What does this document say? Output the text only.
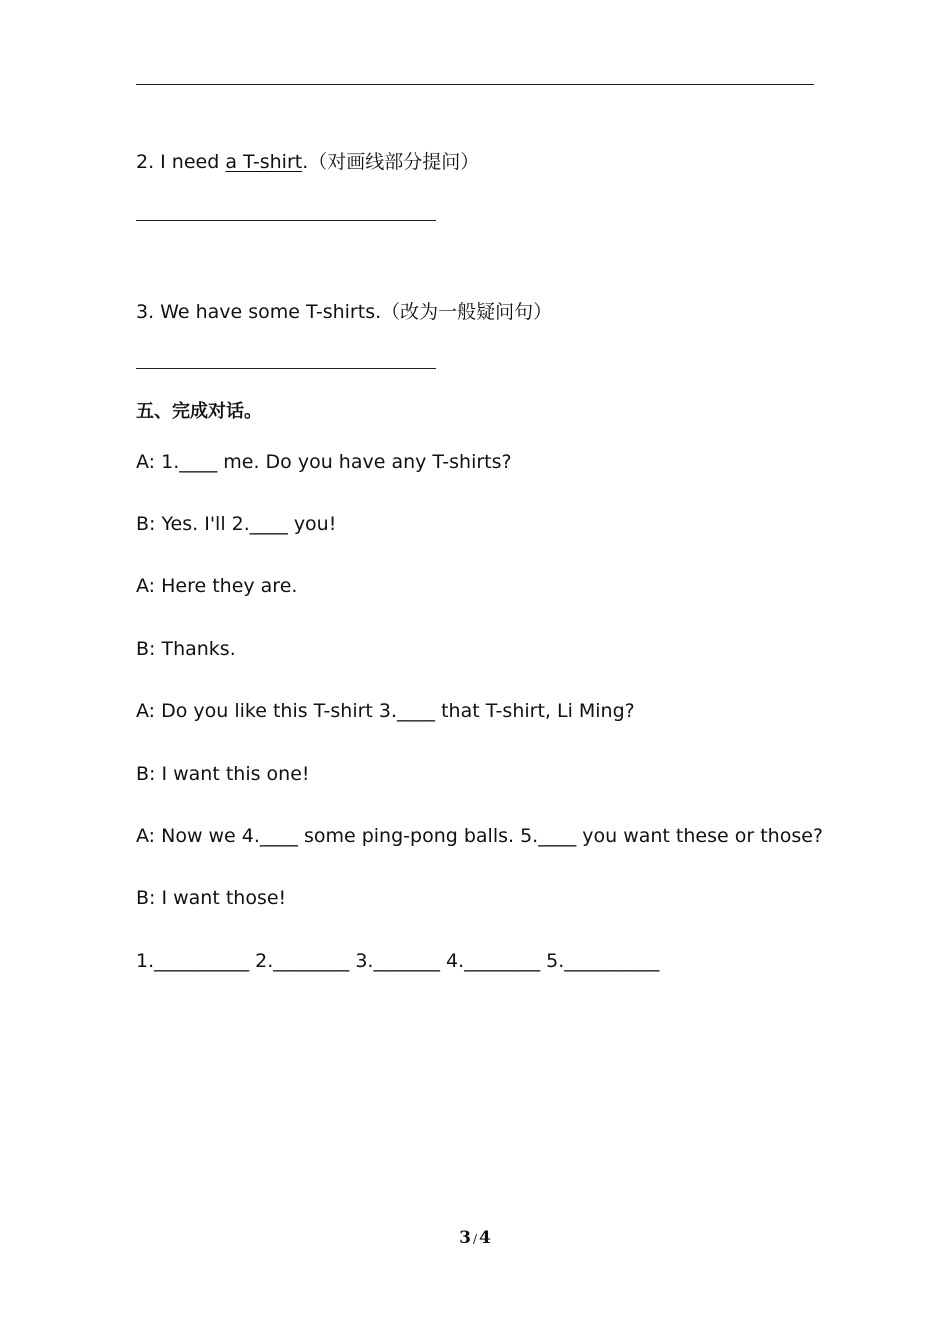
2. I need a T-shirt.（对画线部分提问）
3. We have some T-shirts.（改为一般疑问句）
五、完成对话。
A: 1.____ me. Do you have any T-shirts?
B: Yes. I'll 2.____ you!
A: Here they are.
B: Thanks.
A: Do you like this T-shirt 3.____ that T-shirt, Li Ming?
B: I want this one!
A: Now we 4.____ some ping-pong balls. 5.____ you want these or those?
B: I want those!
1.__________ 2.________ 3._______ 4.________ 5.__________
3 / 4
